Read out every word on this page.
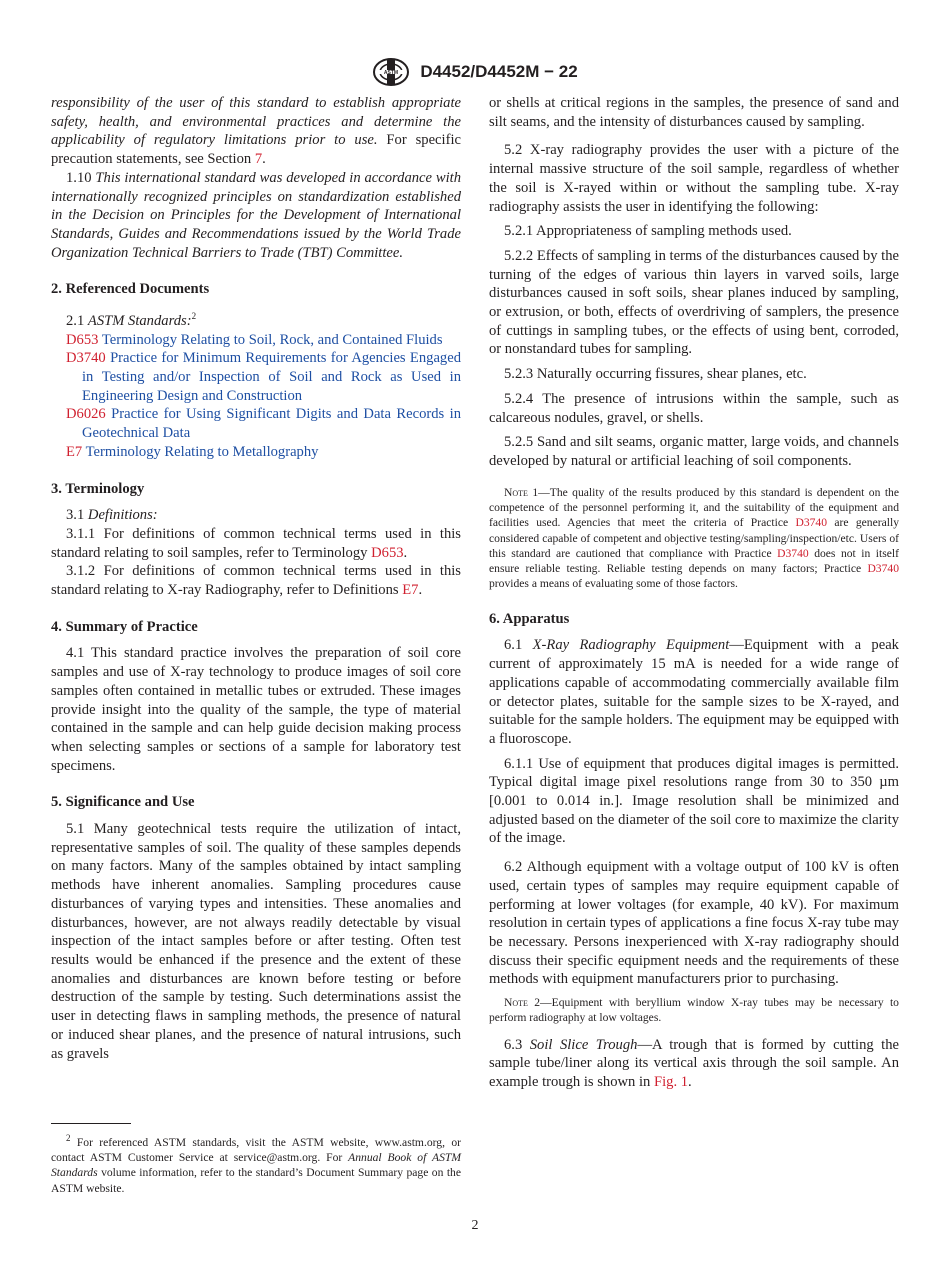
ASTM D4452/D4452M − 22

responsibility of the user of this standard to establish appropriate safety, health, and environmental practices and determine the applicability of regulatory limitations prior to use. For specific precaution statements, see Section 7.

1.10 This international standard was developed in accordance with internationally recognized principles on standardization established in the Decision on Principles for the Development of International Standards, Guides and Recommendations issued by the World Trade Organization Technical Barriers to Trade (TBT) Committee.

2. Referenced Documents

2.1 ASTM Standards:$^2$

D653 Terminology Relating to Soil, Rock, and Contained Fluids

D3740 Practice for Minimum Requirements for Agencies Engaged in Testing and/or Inspection of Soil and Rock as Used in Engineering Design and Construction

D6026 Practice for Using Significant Digits and Data Records in Geotechnical Data

E7 Terminology Relating to Metallography

3. Terminology

3.1 Definitions:

3.1.1 For definitions of common technical terms used in this standard relating to soil samples, refer to Terminology D653.

3.1.2 For definitions of common technical terms used in this standard relating to X-ray Radiography, refer to Definitions E7.

4. Summary of Practice

4.1 This standard practice involves the preparation of soil core samples and use of X-ray technology to produce images of soil core samples often contained in metallic tubes or extruded. These images provide insight into the quality of the sample, the type of material contained in the sample and can help guide decision making process when selecting samples or sections of a sample for laboratory test specimens.

5. Significance and Use

5.1 Many geotechnical tests require the utilization of intact, representative samples of soil. The quality of these samples depends on many factors. Many of the samples obtained by intact sampling methods have inherent anomalies. Sampling procedures cause disturbances of varying types and intensities. These anomalies and disturbances, however, are not always readily detectable by visual inspection of the intact samples before or after testing. Often test results would be enhanced if the presence and the extent of these anomalies and disturbances are known before testing or before destruction of the sample by testing. Such determinations assist the user in detecting flaws in sampling methods, the presence of natural or induced shear planes, and the presence of natural intrusions, such as gravels

$^2$ For referenced ASTM standards, visit the ASTM website, www.astm.org, or contact ASTM Customer Service at service@astm.org. For Annual Book of ASTM Standards volume information, refer to the standard’s Document Summary page on the ASTM website.

or shells at critical regions in the samples, the presence of sand and silt seams, and the intensity of disturbances caused by sampling.

5.2 X-ray radiography provides the user with a picture of the internal massive structure of the soil sample, regardless of whether the soil is X-rayed within or without the sampling tube. X-ray radiography assists the user in identifying the following:

5.2.1 Appropriateness of sampling methods used.

5.2.2 Effects of sampling in terms of the disturbances caused by the turning of the edges of various thin layers in varved soils, large disturbances caused in soft soils, shear planes induced by sampling, or extrusion, or both, effects of overdriving of samplers, the presence of cuttings in sampling tubes, or the effects of using bent, corroded, or nonstandard tubes for sampling.

5.2.3 Naturally occurring fissures, shear planes, etc.

5.2.4 The presence of intrusions within the sample, such as calcareous nodules, gravel, or shells.

5.2.5 Sand and silt seams, organic matter, large voids, and channels developed by natural or artificial leaching of soil components.

Note 1—The quality of the results produced by this standard is dependent on the competence of the personnel performing it, and the suitability of the equipment and facilities used. Agencies that meet the criteria of Practice D3740 are generally considered capable of competent and objective testing/sampling/inspection/etc. Users of this standard are cautioned that compliance with Practice D3740 does not in itself ensure reliable testing. Reliable testing depends on many factors; Practice D3740 provides a means of evaluating some of those factors.

6. Apparatus

6.1 X-Ray Radiography Equipment—Equipment with a peak current of approximately 15 mA is needed for a wide range of applications capable of accommodating commercially available film or detector plates, suitable for the sample sizes to be X-rayed, and suitable for the sample holders. The equipment may be equipped with a fluoroscope.

6.1.1 Use of equipment that produces digital images is permitted. Typical digital image pixel resolutions range from 30 to 350 µm [0.001 to 0.014 in.]. Image resolution shall be minimized and adjusted based on the diameter of the soil core to maximize the clarity of the image.

6.2 Although equipment with a voltage output of 100 kV is often used, certain types of samples may require equipment capable of performing at lower voltages (for example, 40 kV). For maximum resolution in certain types of applications a fine focus X-ray tube may be necessary. Persons inexperienced with X-ray radiography should discuss their specific equipment needs and the requirements of these methods with equipment manufacturers prior to purchasing.

Note 2—Equipment with beryllium window X-ray tubes may be necessary to perform radiography at low voltages.

6.3 Soil Slice Trough—A trough that is formed by cutting the sample tube/liner along its vertical axis through the soil sample. An example trough is shown in Fig. 1.

2
